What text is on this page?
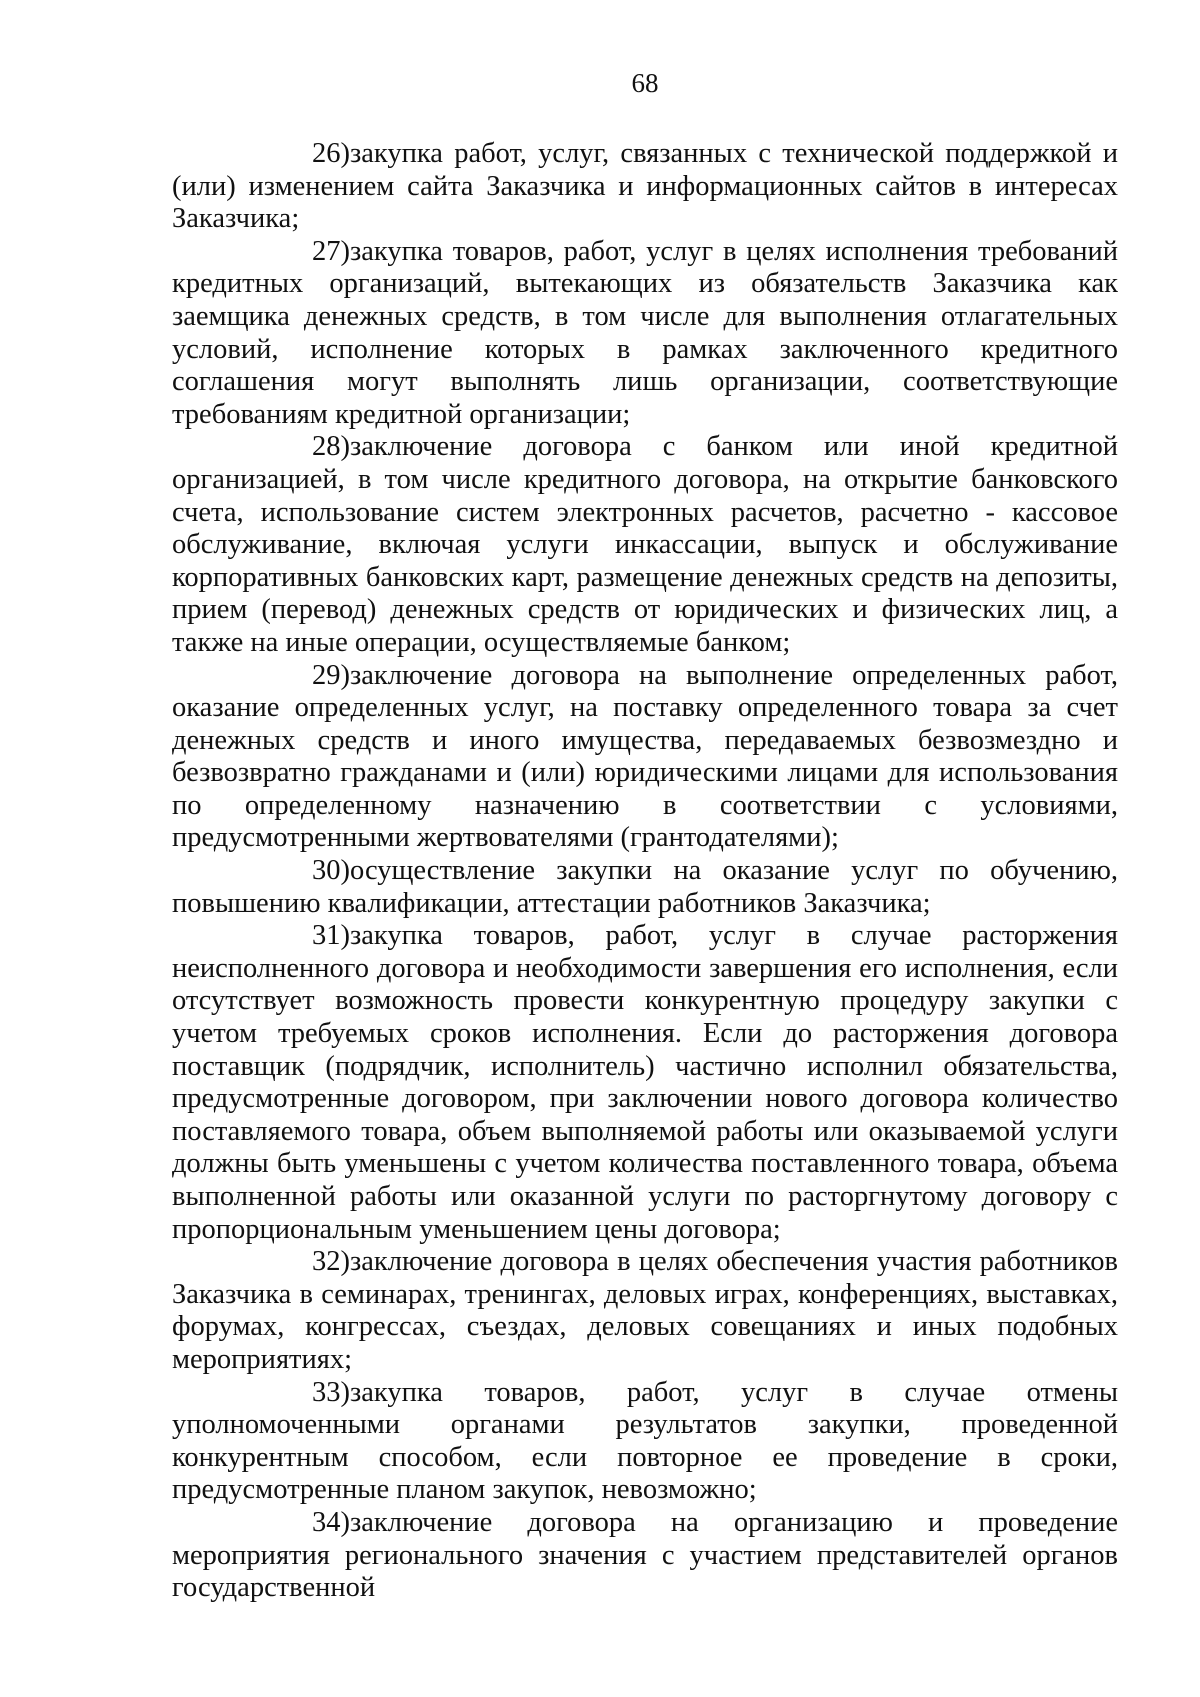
68

26)закупка работ, услуг, связанных с технической поддержкой и (или) изменением сайта Заказчика и информационных сайтов в интересах Заказчика;

27)закупка товаров, работ, услуг в целях исполнения требований кредитных организаций, вытекающих из обязательств Заказчика как заемщика денежных средств, в том числе для выполнения отлагательных условий, исполнение которых в рамках заключенного кредитного соглашения могут выполнять лишь организации, соответствующие требованиям кредитной организации;

28)заключение договора с банком или иной кредитной организацией, в том числе кредитного договора, на открытие банковского счета, использование систем электронных расчетов, расчетно - кассовое обслуживание, включая услуги инкассации, выпуск и обслуживание корпоративных банковских карт, размещение денежных средств на депозиты, прием (перевод) денежных средств от юридических и физических лиц, а также на иные операции, осуществляемые банком;

29)заключение договора на выполнение определенных работ, оказание определенных услуг, на поставку определенного товара за счет денежных средств и иного имущества, передаваемых безвозмездно и безвозвратно гражданами и (или) юридическими лицами для использования по определенному назначению в соответствии с условиями, предусмотренными жертвователями (грантодателями);

30)осуществление закупки на оказание услуг по обучению, повышению квалификации, аттестации работников Заказчика;

31)закупка товаров, работ, услуг в случае расторжения неисполненного договора и необходимости завершения его исполнения, если отсутствует возможность провести конкурентную процедуру закупки с учетом требуемых сроков исполнения. Если до расторжения договора поставщик (подрядчик, исполнитель) частично исполнил обязательства, предусмотренные договором, при заключении нового договора количество поставляемого товара, объем выполняемой работы или оказываемой услуги должны быть уменьшены с учетом количества поставленного товара, объема выполненной работы или оказанной услуги по расторгнутому договору с пропорциональным уменьшением цены договора;

32)заключение договора в целях обеспечения участия работников Заказчика в семинарах, тренингах, деловых играх, конференциях, выставках, форумах, конгрессах, съездах, деловых совещаниях и иных подобных мероприятиях;

33)закупка товаров, работ, услуг в случае отмены уполномоченными органами результатов закупки, проведенной конкурентным способом, если повторное ее проведение в сроки, предусмотренные планом закупок, невозможно;

34)заключение договора на организацию и проведение мероприятия регионального значения с участием представителей органов государственной
